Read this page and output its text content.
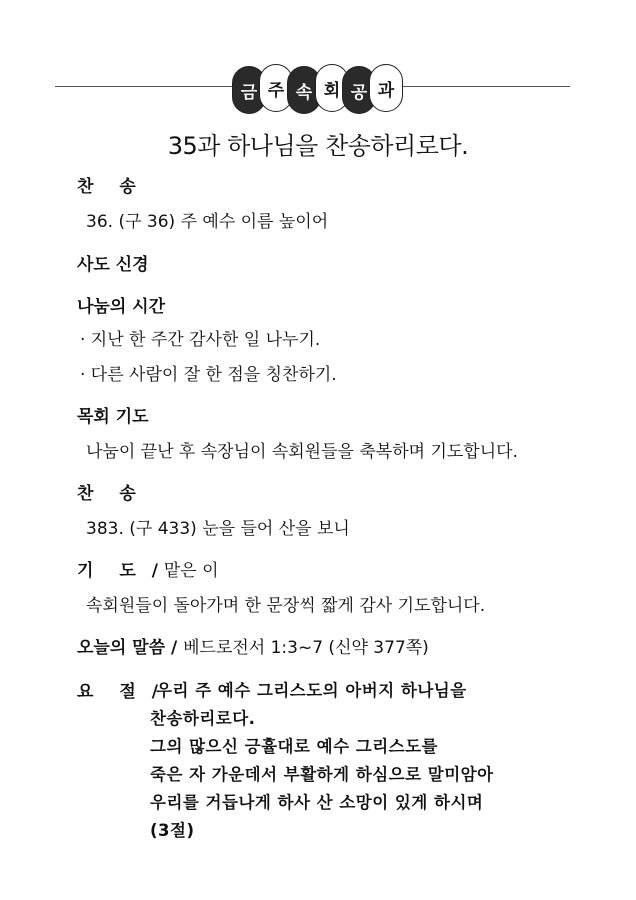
금 주 속 회 공 과
35과 하나님을 찬송하리로다.
찬 송
36. (구 36) 주 예수 이름 높이어
사도 신경
나눔의 시간
· 지난 한 주간 감사한 일 나누기.
· 다른 사람이 잘 한 점을 칭찬하기.
목회 기도
나눔이 끝난 후 속장님이 속회원들을 축복하며 기도합니다.
찬 송
383. (구 433) 눈을 들어 산을 보니
기 도 / 맡은 이
속회원들이 돌아가며 한 문장씩 짧게 감사 기도합니다.
오늘의 말씀 / 베드로전서 1:3~7 (신약 377쪽)
요 절 /
우리 주 예수 그리스도의 아버지 하나님을
찬송하리로다.
그의 많으신 긍휼대로 예수 그리스도를
죽은 자 가운데서 부활하게 하심으로 말미암아
우리를 거듭나게 하사 산 소망이 있게 하시며
(3절)
